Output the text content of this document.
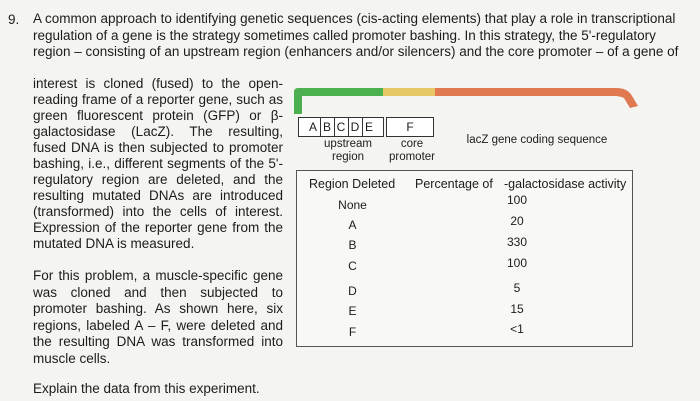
9. A common approach to identifying genetic sequences (cis-acting elements) that play a role in transcriptional
regulation of a gene is the strategy sometimes called promoter bashing. In this strategy, the 5'-regulatory
region – consisting of an upstream region (enhancers and/or silencers) and the core promoter – of a gene of
interest is cloned (fused) to the open-reading frame of a reporter gene, such as green fluorescent protein (GFP) or β-galactosidase (LacZ). The resulting, fused DNA is then subjected to promoter bashing, i.e., different segments of the 5'-regulatory region are deleted, and the resulting mutated DNAs are introduced (transformed) into the cells of interest. Expression of the reporter gene from the mutated DNA is measured.
For this problem, a muscle-specific gene was cloned and then subjected to promoter bashing. As shown here, six regions, labeled A – F, were deleted and the resulting DNA was transformed into muscle cells.
Explain the data from this experiment.
A B C D E	F
upstream
region
core
promoter
lacZ gene coding sequence
Region Deleted Percentage of -galactosidase activity
None	100
A	20
B	330
C	100
D	5
E	15
F	<1
